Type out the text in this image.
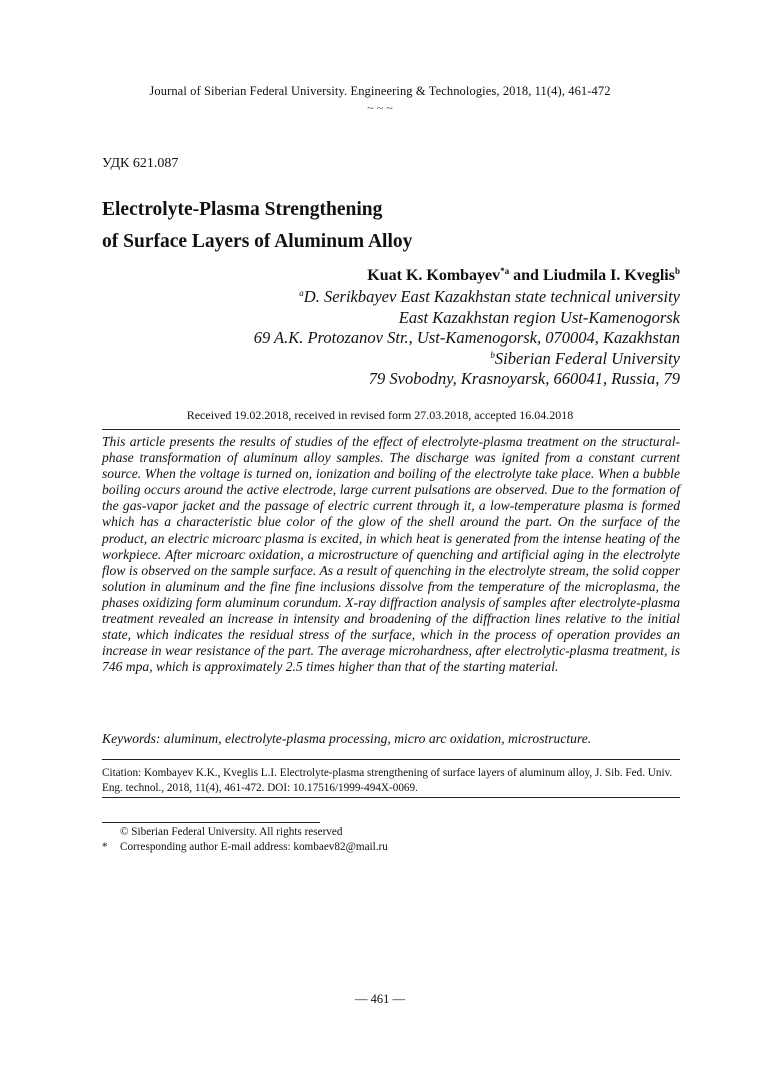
Journal of Siberian Federal University. Engineering & Technologies, 2018, 11(4), 461-472
~ ~ ~
УДК 621.087
Electrolyte-Plasma Strengthening
of Surface Layers of Aluminum Alloy
Kuat K. Kombayev$^{*a}$ and Liudmila I. Kveglis$^b$
$^a$D. Serikbayev East Kazakhstan state technical university
East Kazakhstan region Ust-Kamenogorsk
69 A.K. Protozanov Str., Ust-Kamenogorsk, 070004, Kazakhstan
$^b$Siberian Federal University
79 Svobodny, Krasnoyarsk, 660041, Russia, 79
Received 19.02.2018, received in revised form 27.03.2018, accepted 16.04.2018

This article presents the results of studies of the effect of electrolyte-plasma treatment on the structural-phase transformation of aluminum alloy samples. The discharge was ignited from a constant current source. When the voltage is turned on, ionization and boiling of the electrolyte take place. When a bubble boiling occurs around the active electrode, large current pulsations are observed. Due to the formation of the gas-vapor jacket and the passage of electric current through it, a low-temperature plasma is formed which has a characteristic blue color of the glow of the shell around the part. On the surface of the product, an electric microarc plasma is excited, in which heat is generated from the intense heating of the workpiece. After microarc oxidation, a microstructure of quenching and artificial aging in the electrolyte flow is observed on the sample surface. As a result of quenching in the electrolyte stream, the solid copper solution in aluminum and the fine fine inclusions dissolve from the temperature of the microplasma, the phases oxidizing form aluminum corundum. X-ray diffraction analysis of samples after electrolyte-plasma treatment revealed an increase in intensity and broadening of the diffraction lines relative to the initial state, which indicates the residual stress of the surface, which in the process of operation provides an increase in wear resistance of the part. The average microhardness, after electrolytic-plasma treatment, is 746 mpa, which is approximately 2.5 times higher than that of the starting material.

Keywords: aluminum, electrolyte-plasma processing, micro arc oxidation, microstructure.
Citation: Kombayev K.K., Kveglis L.I. Electrolyte-plasma strengthening of surface layers of aluminum alloy, J. Sib. Fed. Univ. Eng. technol., 2018, 11(4), 461-472. DOI: 10.17516/1999-494X-0069.
© Siberian Federal University. All rights reserved
* Corresponding author E-mail address: kombaev82@mail.ru
— 461 —
